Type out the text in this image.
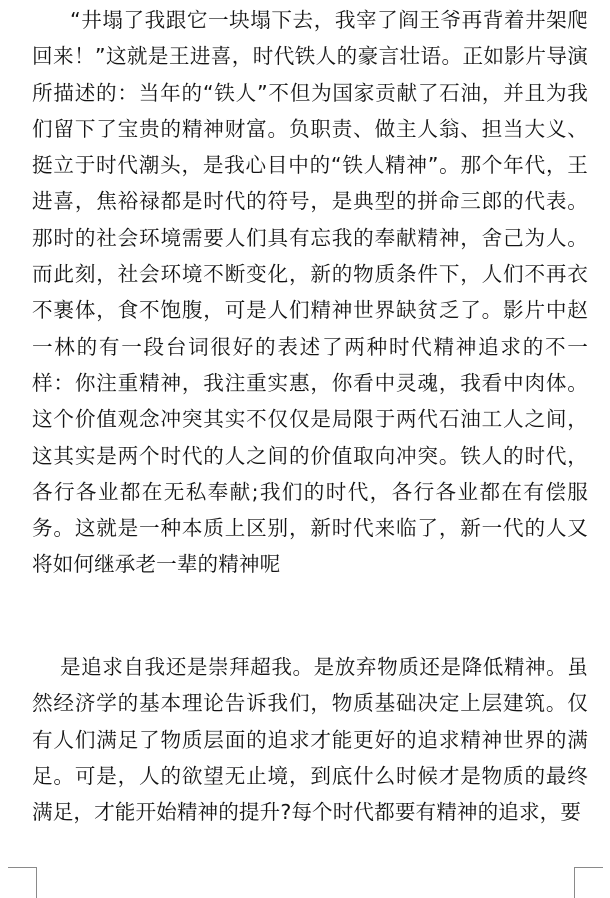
“井塌了我跟它一块塌下去，我宰了阎王爷再背着井架爬回来！”这就是王进喜，时代铁人的豪言壮语。正如影片导演所描述的：当年的“铁人”不但为国家贡献了石油，并且为我们留下了宝贵的精神财富。负职责、做主人翁、担当大义、挺立于时代潮头，是我心目中的“铁人精神”。那个年代，王进喜，焦裕禄都是时代的符号，是典型的拼命三郎的代表。那时的社会环境需要人们具有忘我的奉献精神，舍己为人。而此刻，社会环境不断变化，新的物质条件下，人们不再衣不裹体，食不饱腹，可是人们精神世界缺贫乏了。影片中赵一林的有一段台词很好的表述了两种时代精神追求的不一样：你注重精神，我注重实惠，你看中灵魂，我看中肉体。这个价值观念冲突其实不仅仅是局限于两代石油工人之间，这其实是两个时代的人之间的价值取向冲突。铁人的时代，各行各业都在无私奉献;我们的时代，各行各业都在有偿服务。这就是一种本质上区别，新时代来临了，新一代的人又将如何继承老一辈的精神呢

是追求自我还是崇拜超我。是放弃物质还是降低精神。虽然经济学的基本理论告诉我们，物质基础决定上层建筑。仅有人们满足了物质层面的追求才能更好的追求精神世界的满足。可是，人的欲望无止境，到底什么时候才是物质的最终满足，才能开始精神的提升?每个时代都要有精神的追求，要
